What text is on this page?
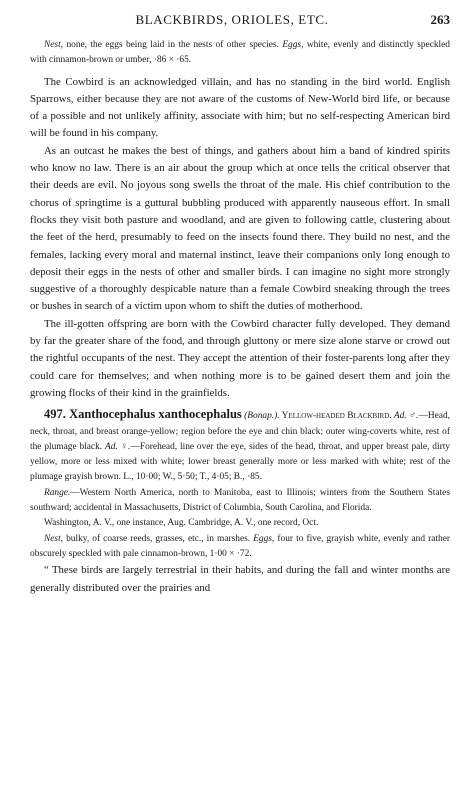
BLACKBIRDS, ORIOLES, ETC.	263

Nest, none, the eggs being laid in the nests of other species. Eggs, white, evenly and distinctly speckled with cinnamon-brown or umber, ·86 × ·65.

The Cowbird is an acknowledged villain, and has no standing in the bird world. English Sparrows, either because they are not aware of the customs of New-World bird life, or because of a possible and not unlikely affinity, associate with him; but no self-respecting American bird will be found in his company.

As an outcast he makes the best of things, and gathers about him a band of kindred spirits who know no law. There is an air about the group which at once tells the critical observer that their deeds are evil. No joyous song swells the throat of the male. His chief contribution to the chorus of springtime is a guttural bubbling produced with apparently nauseous effort. In small flocks they visit both pasture and woodland, and are given to following cattle, clustering about the feet of the herd, presumably to feed on the insects found there. They build no nest, and the females, lacking every moral and maternal instinct, leave their companions only long enough to deposit their eggs in the nests of other and smaller birds. I can imagine no sight more strongly suggestive of a thoroughly despicable nature than a female Cowbird sneaking through the trees or bushes in search of a victim upon whom to shift the duties of motherhood.

The ill-gotten offspring are born with the Cowbird character fully developed. They demand by far the greater share of the food, and through gluttony or mere size alone starve or crowd out the rightful occupants of the nest. They accept the attention of their foster-parents long after they could care for themselves; and when nothing more is to be gained desert them and join the growing flocks of their kind in the grainfields.

497. Xanthocephalus xanthocephalus (Bonap.). Yellow-headed Blackbird. Ad. ♂.—Head, neck, throat, and breast orange-yellow; region before the eye and chin black; outer wing-coverts white, rest of the plumage black. Ad. ♀.—Forehead, line over the eye, sides of the head, throat, and upper breast pale, dirty yellow, more or less mixed with white; lower breast generally more or less marked with white; rest of the plumage grayish brown. L., 10·00; W., 5·50; T., 4·05; B., ·85.

Range.—Western North America, north to Manitoba, east to Illinois; winters from the Southern States southward; accidental in Massachusetts, District of Columbia, South Carolina, and Florida.

Washington, A. V., one instance, Aug. Cambridge, A. V., one record, Oct.

Nest, bulky, of coarse reeds, grasses, etc., in marshes. Eggs, four to five, grayish white, evenly and rather obscurely speckled with pale cinnamon-brown, 1·00 × ·72.

“ These birds are largely terrestrial in their habits, and during the fall and winter months are generally distributed over the prairies and
